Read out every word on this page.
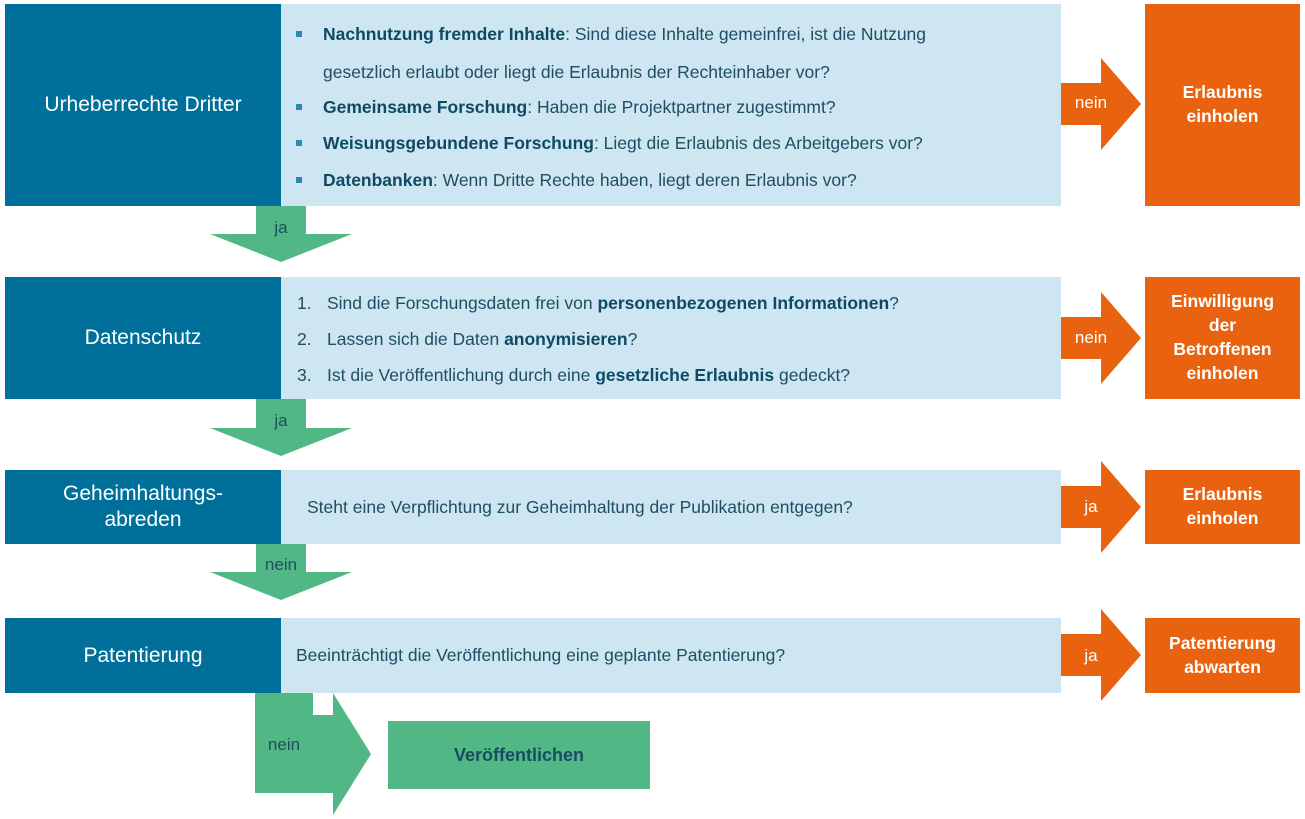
Urheberrechte Dritter
Nachnutzung fremder Inhalte: Sind diese Inhalte gemeinfrei, ist die Nutzung
gesetzlich erlaubt oder liegt die Erlaubnis der Rechteinhaber vor?
Gemeinsame Forschung: Haben die Projektpartner zugestimmt?
Weisungsgebundene Forschung: Liegt die Erlaubnis des Arbeitgebers vor?
Datenbanken: Wenn Dritte Rechte haben, liegt deren Erlaubnis vor?
nein
Erlaubnis
einholen
ja
Datenschutz
1. Sind die Forschungsdaten frei von personenbezogenen Informationen?
2. Lassen sich die Daten anonymisieren?
3. Ist die Veröffentlichung durch eine gesetzliche Erlaubnis gedeckt?
nein
Einwilligung
der
Betroffenen
einholen
ja
Geheimhaltungs-
abreden
Steht eine Verpflichtung zur Geheimhaltung der Publikation entgegen?	ja
Erlaubnis
einholen
nein
Patentierung	Beeinträchtigt die Veröffentlichung eine geplante Patentierung?	ja
Patentierung
abwarten
nein	Veröffentlichen
